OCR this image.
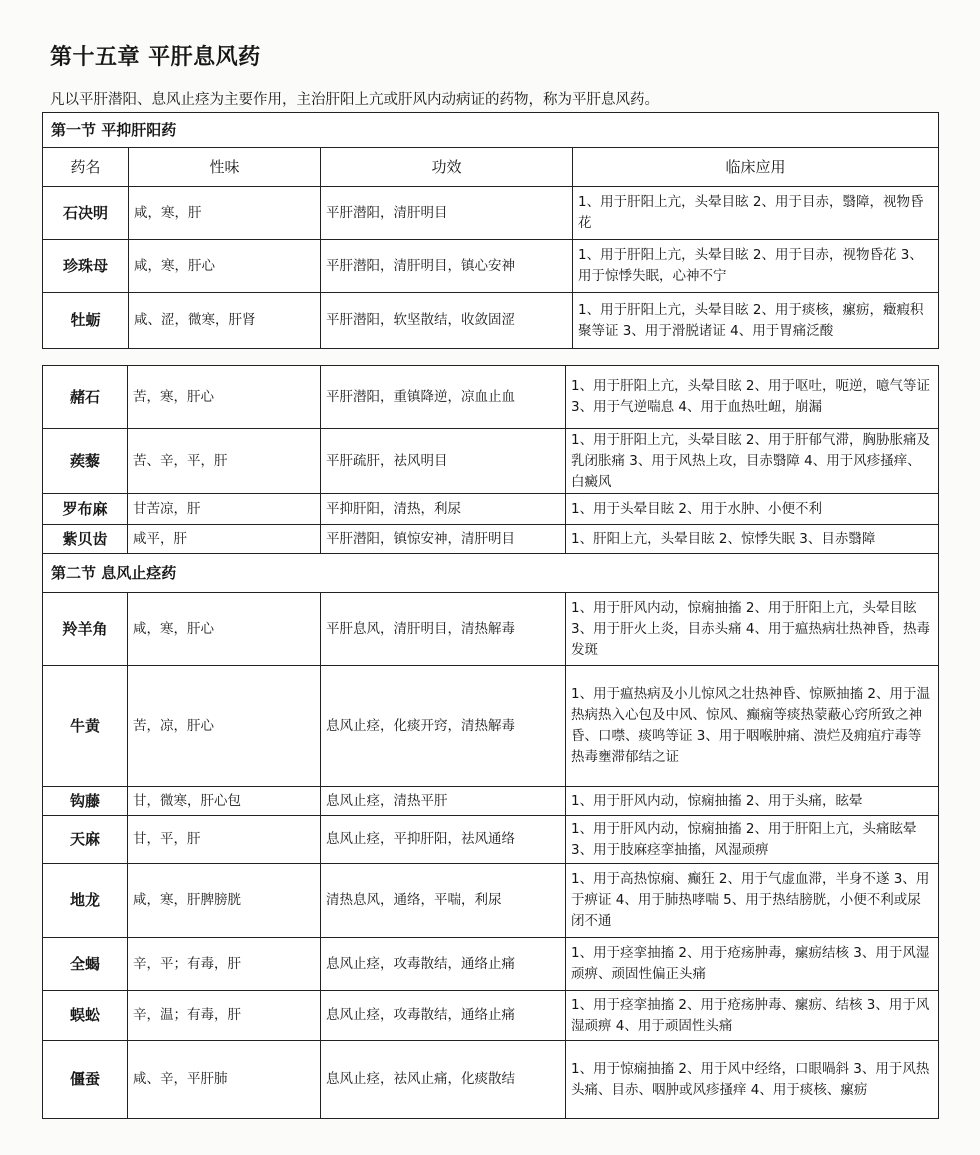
第十五章 平肝息风药
凡以平肝潜阳、息风止痉为主要作用，主治肝阳上亢或肝风内动病证的药物，称为平肝息风药。
第一节 平抑肝阳药			
药名	性味	功效	临床应用
石决明	咸，寒，肝	平肝潜阳，清肝明目	1、用于肝阳上亢，头晕目眩 2、用于目赤，翳障，视物昏花
珍珠母	咸，寒，肝心	平肝潜阳，清肝明目，镇心安神	1、用于肝阳上亢，头晕目眩 2、用于目赤，视物昏花 3、用于惊悸失眠，心神不宁
牡蛎	咸、涩，微寒，肝肾	平肝潜阳，软坚散结，收敛固涩	1、用于肝阳上亢，头晕目眩 2、用于痰核，瘰疬，癥瘕积聚等证 3、用于滑脱诸证 4、用于胃痛泛酸
赭石	苦，寒，肝心	平肝潜阳，重镇降逆，凉血止血	1、用于肝阳上亢，头晕目眩 2、用于呕吐，呃逆，噫气等证 3、用于气逆喘息 4、用于血热吐衄，崩漏
蒺藜	苦、辛，平，肝	平肝疏肝，祛风明目	1、用于肝阳上亢，头晕目眩 2、用于肝郁气滞，胸胁胀痛及乳闭胀痛 3、用于风热上攻，目赤翳障 4、用于风疹搔痒、白癜风
罗布麻	甘苦凉，肝	平抑肝阳，清热，利尿	1、用于头晕目眩 2、用于水肿、小便不利
紫贝齿	咸平，肝	平肝潜阳，镇惊安神，清肝明目	1、肝阳上亢，头晕目眩 2、惊悸失眠 3、目赤翳障
第二节 息风止痉药			
羚羊角	咸，寒，肝心	平肝息风，清肝明目，清热解毒	1、用于肝风内动，惊痫抽搐 2、用于肝阳上亢，头晕目眩 3、用于肝火上炎，目赤头痛 4、用于瘟热病壮热神昏，热毒发斑
牛黄	苦，凉，肝心	息风止痉，化痰开窍，清热解毒	1、用于瘟热病及小儿惊风之壮热神昏、惊厥抽搐 2、用于温热病热入心包及中风、惊风、癫痫等痰热蒙蔽心窍所致之神昏、口噤、痰鸣等证 3、用于咽喉肿痛、溃烂及痈疽疔毒等热毒壅滞郁结之证
钩藤	甘，微寒，肝心包	息风止痉，清热平肝	1、用于肝风内动，惊痫抽搐 2、用于头痛，眩晕
天麻	甘，平，肝	息风止痉，平抑肝阳，祛风通络	1、用于肝风内动，惊痫抽搐 2、用于肝阳上亢，头痛眩晕 3、用于肢麻痉挛抽搐，风湿顽痹
地龙	咸，寒，肝脾膀胱	清热息风，通络，平喘，利尿	1、用于高热惊痫、癫狂 2、用于气虚血滞，半身不遂 3、用于痹证 4、用于肺热哮喘 5、用于热结膀胱，小便不利或尿闭不通
全蝎	辛，平；有毒，肝	息风止痉，攻毒散结，通络止痛	1、用于痉挛抽搐 2、用于疮疡肿毒，瘰疬结核 3、用于风湿顽痹、顽固性偏正头痛
蜈蚣	辛，温；有毒，肝	息风止痉，攻毒散结，通络止痛	1、用于痉挛抽搐 2、用于疮疡肿毒、瘰疬、结核 3、用于风湿顽痹 4、用于顽固性头痛
僵蚕	咸、辛，平肝肺	息风止痉，祛风止痛，化痰散结	1、用于惊痫抽搐 2、用于风中经络，口眼喎斜 3、用于风热头痛、目赤、咽肿或风疹搔痒 4、用于痰核、瘰疬
